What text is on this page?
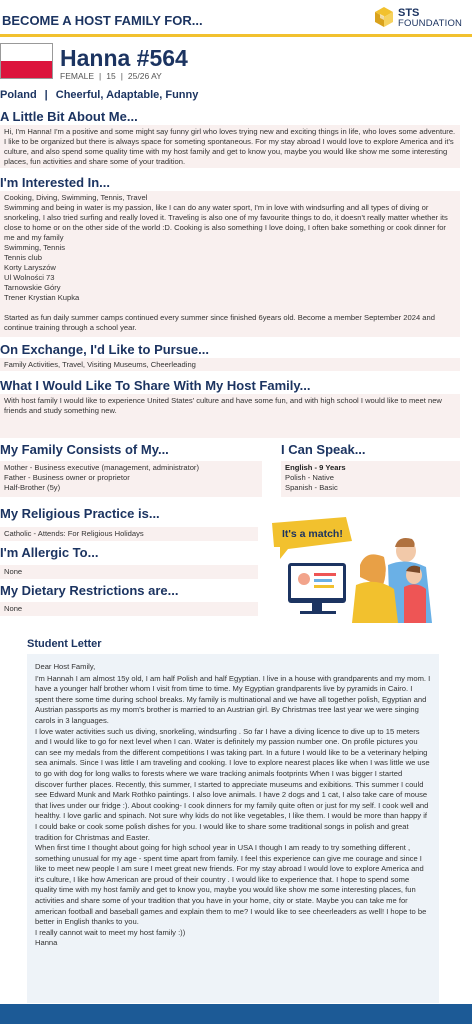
BECOME A HOST FAMILY FOR...	STS
FOUNDATION
Hanna #564
FEMALE | 15 | 25/26 AY
Poland | Cheerful, Adaptable, Funny
A Little Bit About Me...
Hi, I'm Hanna! I'm a positive and some might say funny girl who loves trying new and exciting things in life, who loves some adventure. I like to be organized but there is always space for someting spontaneous. For my stay abroad I would love to explore America and it's culture, and also spend some quality time with my host family and get to know you, maybe you would like show me some interesting places, fun activities and share some of your tradition.
I'm Interested In...
Cooking, Diving, Swimming, Tennis, Travel
Swimming and being in water is my passion, like I can do any water sport, I'm in love with windsurfing and all types of diving or snorkeling, I also tried surfing and really loved it. Traveling is also one of my favourite things to do, it doesn't really matter whether its close to home or on the other side of the world :D. Cooking is also something I love doing, I often bake something or cook dinner for me and my family
Swimming, Tennis
Tennis club
Korty Laryszów
Ul Wolności 73
Tarnowskie Góry
Trener Krystian Kupka
Started as fun daily summer camps continued every summer since finished 6years old. Become a member September 2024 and continue training through a school year.
On Exchange, I'd Like to Pursue...
Family Activities, Travel, Visiting Museums, Cheerleading
What I Would Like To Share With My Host Family...
With host family I would like to experience United States' culture and have some fun, and with high school I would like to meet new friends and study something new.
My Family Consists of My...
Mother - Business executive (management, administrator)
Father - Business owner or proprietor
Half-Brother (5y)
I Can Speak...
English - 9 Years
Polish - Native
Spanish - Basic
My Religious Practice is...
Catholic - Attends: For Religious Holidays
I'm Allergic To...
None
My Dietary Restrictions are...
None
It's a match!
Student Letter
Dear Host Family,
I'm Hannah I am almost 15y old, I am half Polish and half Egyptian. I live in a house with grandparents and my mom. I have a younger half brother whom I visit from time to time. My Egyptian grandparents live by pyramids in Cairo. I spent there some time during school breaks. My family is multinational and we have all together polish, Egyptian and Austrian passports as my mom's brother is married to an Austrian girl. By Christmas tree last year we were singing carols in 3 languages.
I love water activities such us diving, snorkeling, windsurfing . So far I have a diving licence to dive up to 15 meters and I would like to go for next level when I can. Water is definitely my passion number one. On profile pictures you can see my medals from the different competitions I was taking part. In a future I would like to be a veterinary helping sea animals. Since I was little I am traveling and cooking. I love to explore nearest places like when I was little we use to go with dog for long walks to forests where we ware tracking animals footprints When I was bigger I started discover further places. Recently, this summer, I started to appreciate museums and exibitions. This summer I could see Edward Munk and Mark Rothko paintings. I also love animals. I have 2 dogs and 1 cat, I also take care of mouse that lives under our fridge :). About cooking- I cook dinners for my family quite often or just for my self. I cook well and healthy. I love garlic and spinach. Not sure why kids do not like vegetables, I like them. I would be more than happy if I could bake or cook some polish dishes for you. I would like to share some traditional songs in polish and great tradition for Christmas and Easter.
When first time I thought about going for high school year in USA I though I am ready to try something different , something unusual for my age - spent time apart from family. I feel this experience can give me courage and since I like to meet new people I am sure I meet great new friends. For my stay abroad I would love to explore America and it's culture, I like how American are proud of their country . I would like to experience that. I hope to spend some quality time with my host family and get to know you, maybe you would like show me some interesting places, fun activities and share some of your tradition that you have in your home, city or state. Maybe you can take me for american football and baseball games and explain them to me? I would like to see cheerleaders as well! I hope to be better in English thanks to you.
I really cannot wait to meet my host family :))
Hanna
